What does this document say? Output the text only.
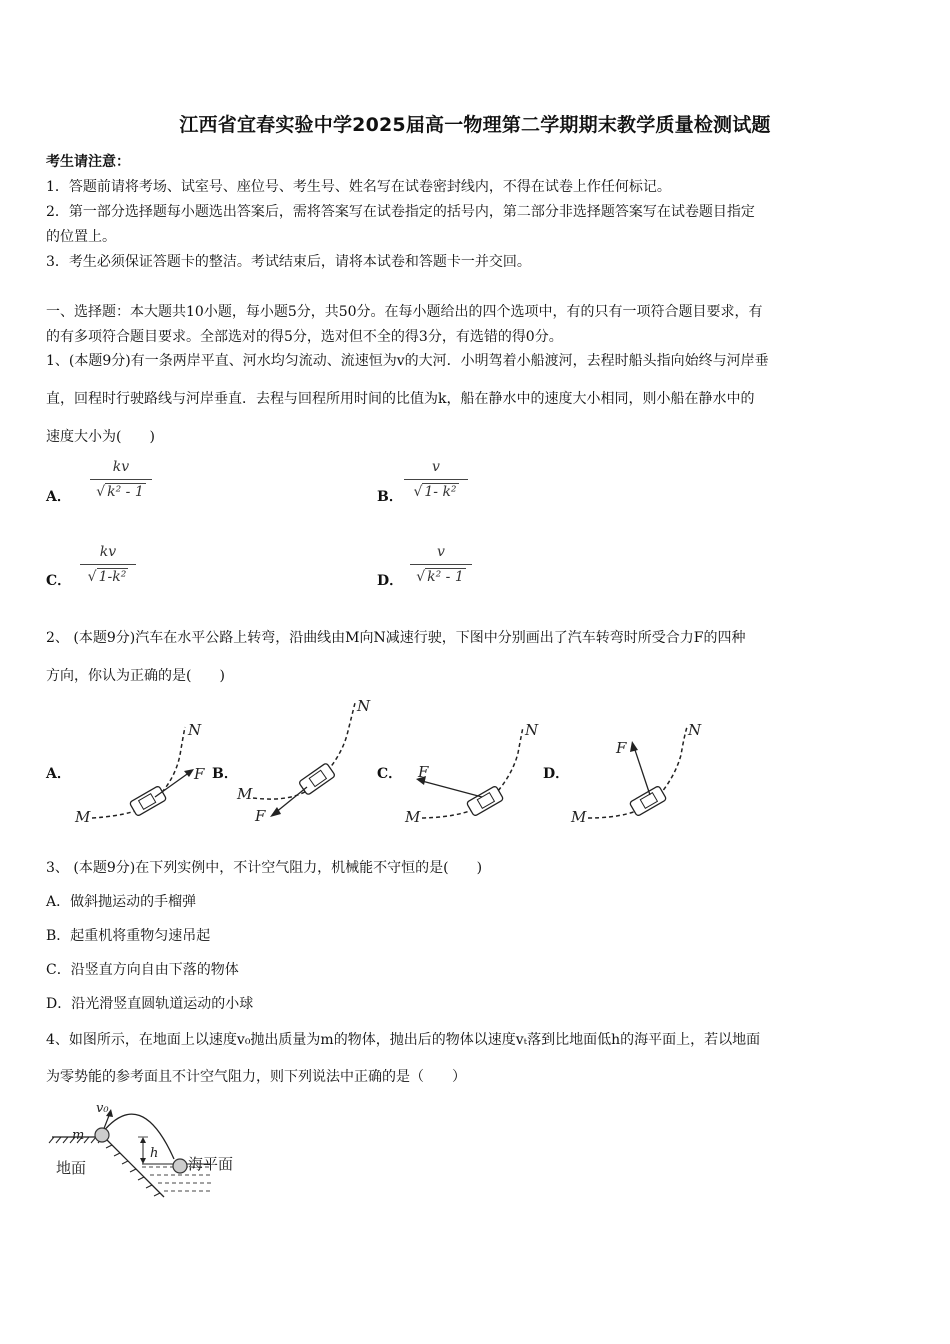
江西省宜春实验中学2025届高一物理第二学期期末教学质量检测试题
考生请注意：
1．答题前请将考场、试室号、座位号、考生号、姓名写在试卷密封线内，不得在试卷上作任何标记。
2．第一部分选择题每小题选出答案后，需将答案写在试卷指定的括号内，第二部分非选择题答案写在试卷题目指定
的位置上。
3．考生必须保证答题卡的整洁。考试结束后，请将本试卷和答题卡一并交回。
一、选择题：本大题共10小题，每小题5分，共50分。在每小题给出的四个选项中，有的只有一项符合题目要求，有
的有多项符合题目要求。全部选对的得5分，选对但不全的得3分，有选错的得0分。
1、(本题9分)有一条两岸平直、河水均匀流动、流速恒为v的大河．小明驾着小船渡河，去程时船头指向始终与河岸垂
直，回程时行驶路线与河岸垂直．去程与回程所用时间的比值为k，船在静水中的速度大小相同，则小船在静水中的
速度大小为(　　)
A．
kv
√ k² - 1	B．
v
√ 1- k²
C．
kv
√ 1-k²	D．
v
√ k² - 1
2、 (本题9分)汽车在水平公路上转弯，沿曲线由M向N减速行驶，下图中分别画出了汽车转弯时所受合力F的四种
方向，你认为正确的是(　　)
A．	B．	C．	D．
M
N
F
M
N
F	M
N
F
M
N
F
3、 (本题9分)在下列实例中，不计空气阻力，机械能不守恒的是(　　)
A．做斜抛运动的手榴弹
B．起重机将重物匀速吊起
C．沿竖直方向自由下落的物体
D．沿光滑竖直圆轨道运动的小球
4、如图所示，在地面上以速度v₀抛出质量为m的物体，抛出后的物体以速度vₜ落到比地面低h的海平面上，若以地面
为零势能的参考面且不计空气阻力，则下列说法中正确的是（　　）
v₀
m
h
地面	海平面
